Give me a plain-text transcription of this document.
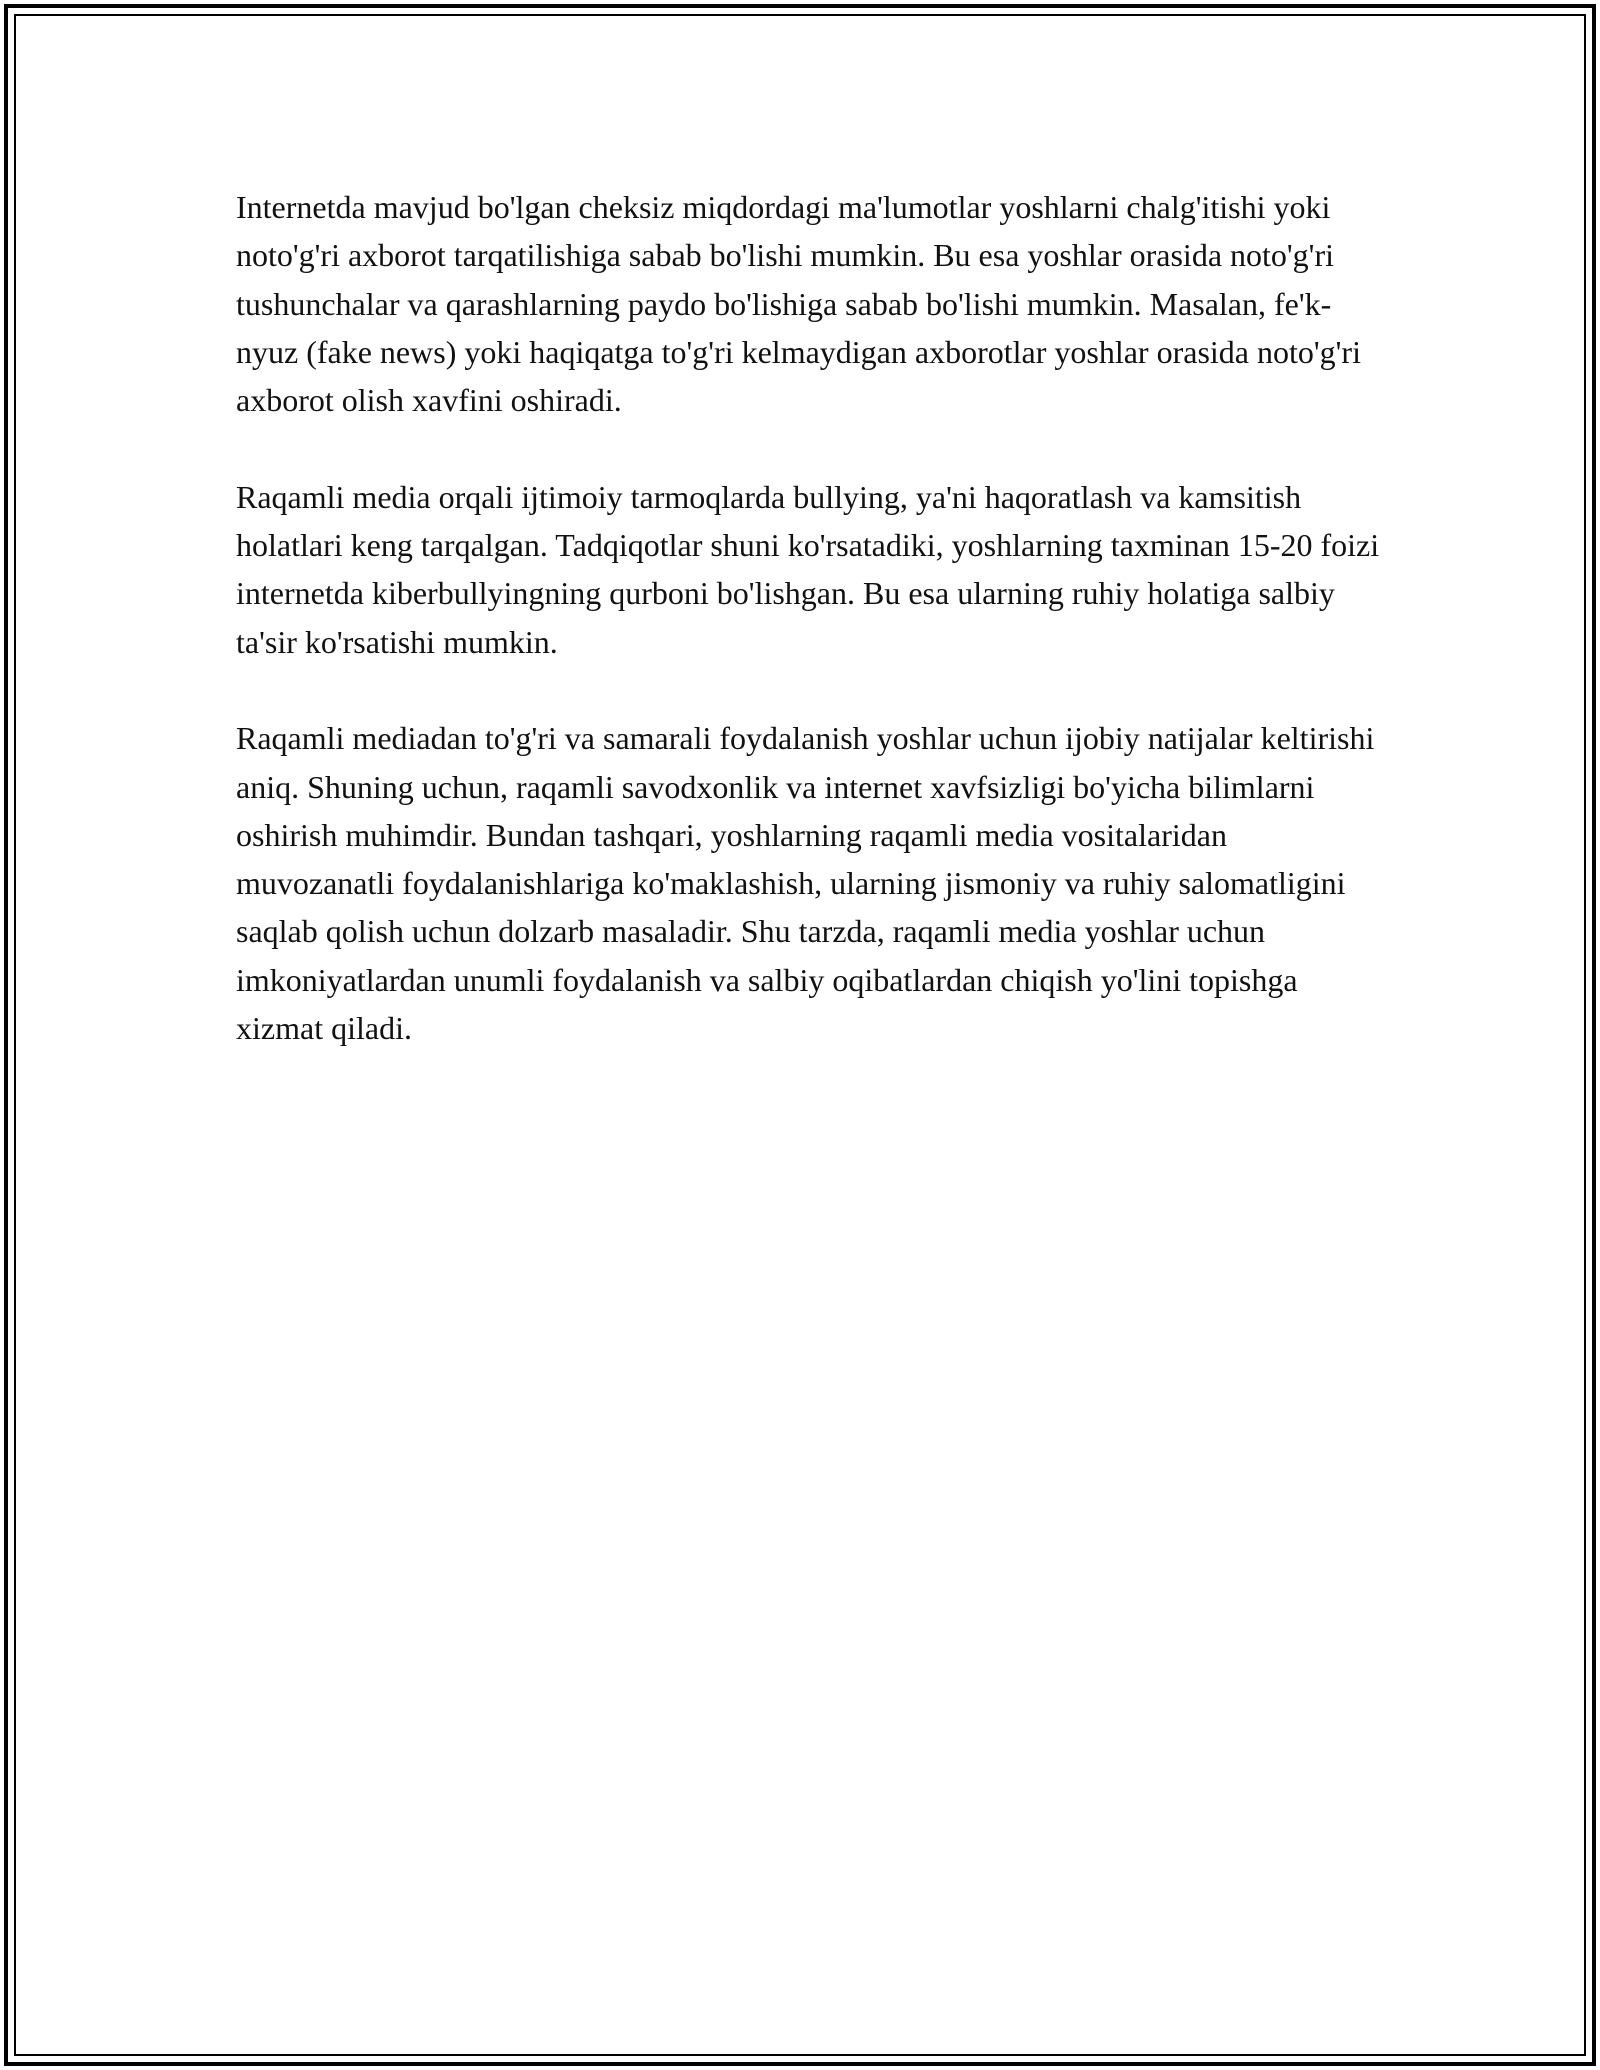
Internetda mavjud bo'lgan cheksiz miqdordagi ma'lumotlar yoshlarni chalg'itishi yoki noto'g'ri axborot tarqatilishiga sabab bo'lishi mumkin. Bu esa yoshlar orasida noto'g'ri tushunchalar va qarashlarning paydo bo'lishiga sabab bo'lishi mumkin. Masalan, fe'k-nyuz (fake news) yoki haqiqatga to'g'ri kelmaydigan axborotlar yoshlar orasida noto'g'ri axborot olish xavfini oshiradi.

Raqamli media orqali ijtimoiy tarmoqlarda bullying, ya'ni haqoratlash va kamsitish holatlari keng tarqalgan. Tadqiqotlar shuni ko'rsatadiki, yoshlarning taxminan 15-20 foizi internetda kiberbullyingning qurboni bo'lishgan. Bu esa ularning ruhiy holatiga salbiy ta'sir ko'rsatishi mumkin.

Raqamli mediadan to'g'ri va samarali foydalanish yoshlar uchun ijobiy natijalar keltirishi aniq. Shuning uchun, raqamli savodxonlik va internet xavfsizligi bo'yicha bilimlarni oshirish muhimdir. Bundan tashqari, yoshlarning raqamli media vositalaridan muvozanatli foydalanishlariga ko'maklashish, ularning jismoniy va ruhiy salomatligini saqlab qolish uchun dolzarb masaladir. Shu tarzda, raqamli media yoshlar uchun imkoniyatlardan unumli foydalanish va salbiy oqibatlardan chiqish yo'lini topishga xizmat qiladi.
